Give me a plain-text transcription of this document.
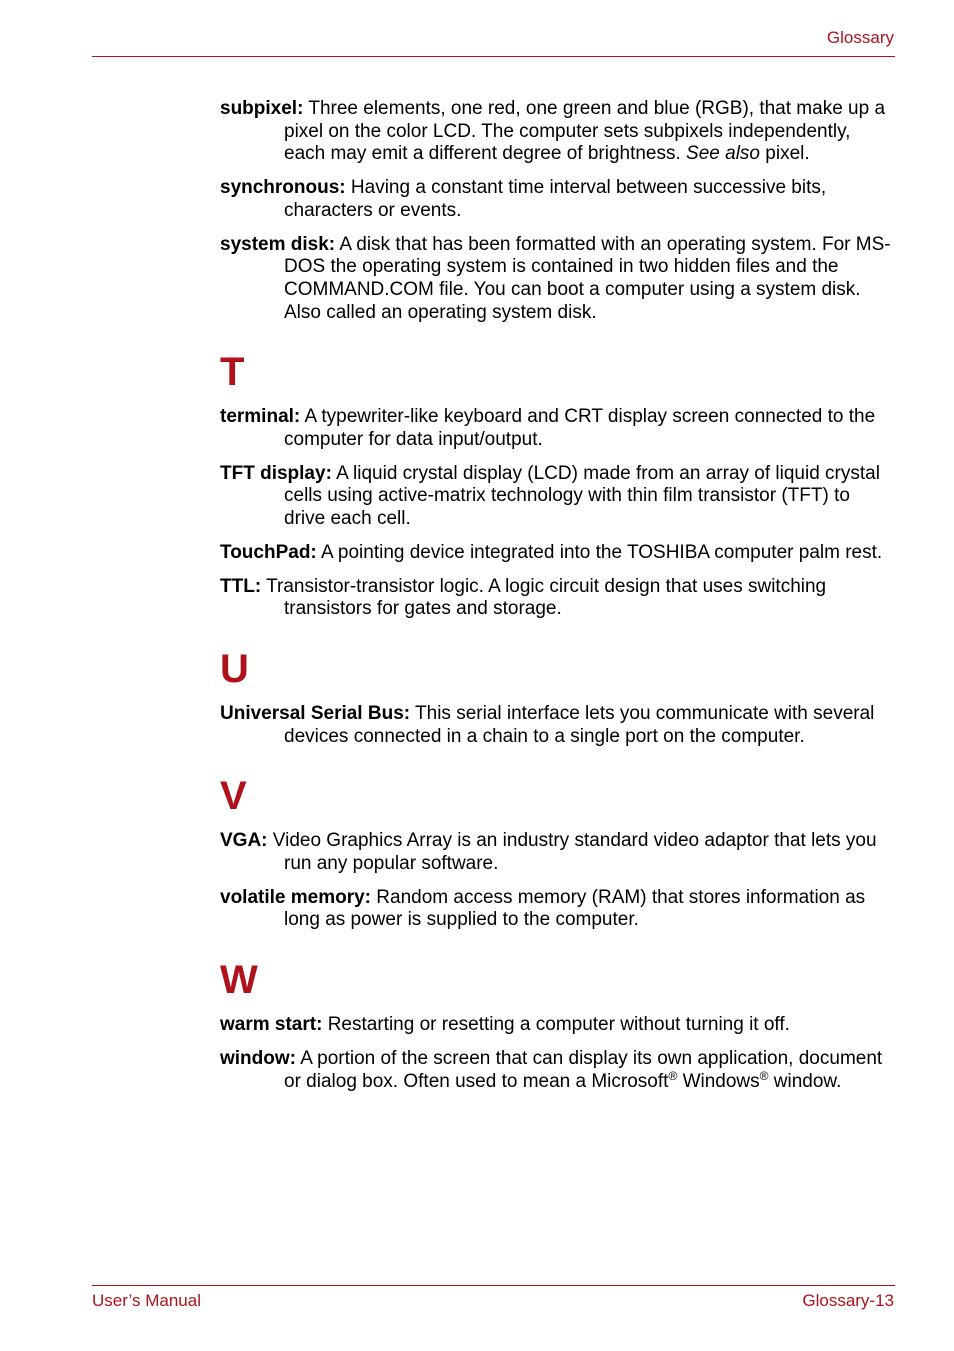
Glossary

subpixel: Three elements, one red, one green and blue (RGB), that make up a pixel on the color LCD. The computer sets subpixels independently, each may emit a different degree of brightness. See also pixel.

synchronous: Having a constant time interval between successive bits, characters or events.

system disk: A disk that has been formatted with an operating system. For MS-DOS the operating system is contained in two hidden files and the COMMAND.COM file. You can boot a computer using a system disk. Also called an operating system disk.

T

terminal: A typewriter-like keyboard and CRT display screen connected to the computer for data input/output.

TFT display: A liquid crystal display (LCD) made from an array of liquid crystal cells using active-matrix technology with thin film transistor (TFT) to drive each cell.

TouchPad: A pointing device integrated into the TOSHIBA computer palm rest.

TTL: Transistor-transistor logic. A logic circuit design that uses switching transistors for gates and storage.

U

Universal Serial Bus: This serial interface lets you communicate with several devices connected in a chain to a single port on the computer.

V

VGA: Video Graphics Array is an industry standard video adaptor that lets you run any popular software.

volatile memory: Random access memory (RAM) that stores information as long as power is supplied to the computer.

W

warm start: Restarting or resetting a computer without turning it off.

window: A portion of the screen that can display its own application, document or dialog box. Often used to mean a Microsoft® Windows® window.

User’s Manual	Glossary-13
